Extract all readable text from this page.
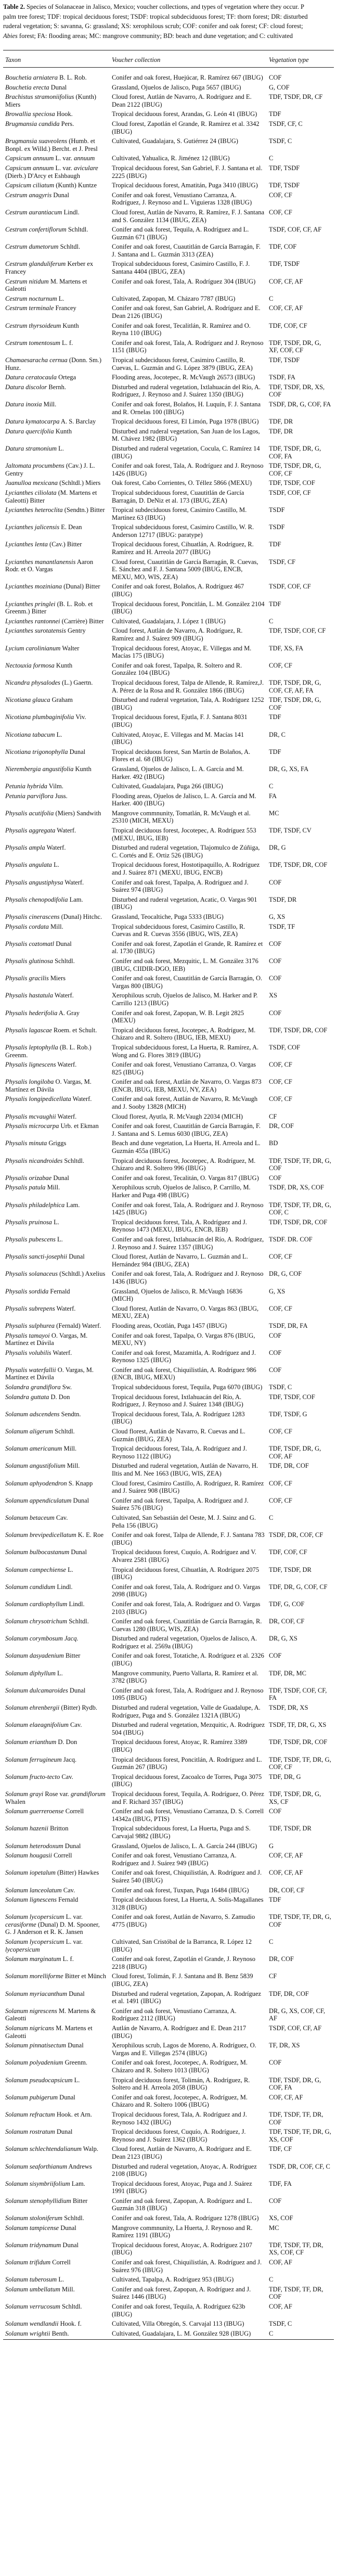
Table 2. Species of Solanaceae in Jalisco, Mexico; voucher collections, and types of vegetation where they occur. P
palm tree forest; TDF: tropical deciduous forest; TSDF: tropical subdeciduous forest; TF: thorn forest; DR: disturbed
ruderal vegetation; S: savanna, G: grassland; XS: xerophilous scrub; COF: conifer and oak forest; CF: cloud forest;
Abies forest; FA: flooding areas; MC: mangrove community; BD: beach and dune vegetation; and C: cultivated
Taxon	Voucher collection	Vegetation type
Bouchetia arniatera B. L. Rob.	Conifer and oak forest, Huejúcar, R. Ramírez 667 (IBUG)	COF
Bouchetia erecta Dunal	Grassland, Ojuelos de Jalisco, Puga 5657 (IBUG)	G, COF
Brachistus stramoniifolius (Kunth) Miers	Cloud forest, Autlán de Navarro, A. Rodríguez and E. Dean 2122 (IBUG)	TDF, TSDF, DR, CF
Browallia speciosa Hook.	Tropical deciduous forest, Arandas, G. León 41 (IBUG)	TDF
Brugmansia candida Pers.	Cloud forest, Zapotlán el Grande, R. Ramírez et al. 3342 (IBUG)	TSDF, CF, C
Brugmansia suaveolens (Humb. et Bonpl. ex Willd.) Bercht. et J. Presl	Cultivated, Guadalajara, S. Gutiérrez 24 (IBUG)	TSDF, C
Capsicum annuum L. var. annuum	Cultivated, Yahualica, R. Jiménez 12 (IBUG)	C
Capsicum annuum L. var. aviculare (Dierb.) D'Arcy et Eshbaugh	Tropical deciduous forest, San Gabriel, F. J. Santana et al. 2225 (IBUG)	TDF, TSDF
Capsicum ciliatum (Kunth) Kuntze	Tropical deciduous forest, Amatitán, Puga 3410 (IBUG)	TDF, TSDF
Cestrum anagyris Dunal	Conifer and oak forest, Venustiano Carranza, A. Rodríguez, J. Reynoso and L. Viguieras 1328 (IBUG)	COF, CF
Cestrum aurantiacum Lindl.	Cloud forest, Autlán de Navarro, R. Ramírez, F. J. Santana and S. González 1134 (IBUG, ZEA)	COF, CF
Cestrum confertiflorum Schltdl.	Conifer and oak forest, Tequila, A. Rodríguez and L. Guzmán 671 (IBUG)	TSDF, COF, CF, AF
Cestrum dumetorum Schltdl.	Conifer and oak forest, Cuautitlán de García Barragán, F. J. Santana and L. Guzmán 3313 (ZEA)	TDF, COF
Cestrum glanduliferum Kerber ex Francey	Tropical subdeciduous forest, Casimiro Castillo, F. J. Santana 4404 (IBUG, ZEA)	TDF, TSDF
Cestrum nitidum M. Martens et Galeotti	Conifer and oak forest, Tala, A. Rodríguez 304 (IBUG)	COF, CF, AF
Cestrum nocturnum L.	Cultivated, Zapopan, M. Cházaro 7787 (IBUG)	C
Cestrum terminale Francey	Conifer and oak forest, San Gabriel, A. Rodríguez and E. Dean 2126 (IBUG)	COF, CF, AF
Cestrum thyrsoideum Kunth	Conifer and oak forest, Tecalitlán, R. Ramírez and O. Reyna 110 (IBUG)	TDF, COF, CF
Cestrum tomentosum L. f.	Conifer and oak forest, Tala, A. Rodríguez and J. Reynoso 1151 (IBUG)	TDF, TSDF, DR, G, XF, COF, CF
Chamaesaracha cernua (Donn. Sm.) Hunz.	Tropical subdeciduous forest, Casimiro Castillo, R. Cuevas, L. Guzmán and G. López 3879 (IBUG, ZEA)	TDF, TSDF
Datura ceratocaula Ortega	Flooding areas, Jocotepec, R. McVaugh 26573 (IBUG)	TSDF, FA
Datura discolor Bernh.	Disturbed and ruderal vegetation, Ixtlahuacán del Río, A. Rodríguez, J. Reynoso and J. Suárez 1350 (IBUG)	TDF, TSDF, DR, XS, COF
Datura inoxia Mill.	Conifer and oak forest, Bolaños, H. Luquín, F. J. Santana and R. Ornelas 100 (IBUG)	TSDF, DR, G, COF, FA
Datura kymatocarpa A. S. Barclay	Tropical deciduous forest, El Limón, Puga 1978 (IBUG)	TDF, DR
Datura quercifolia Kunth	Disturbed and ruderal vegetation, San Juan de los Lagos, M. Chávez 1982 (IBUG)	TDF, DR
Datura stramonium L.	Disturbed and ruderal vegetation, Cocula, C. Ramírez 14 (IBUG)	TDF, TSDF, DR, G, COF, FA
Jaltomata procumbens (Cav.) J. L. Gentry	Conifer and oak forest, Tala, A. Rodríguez and J. Reynoso 1426 (IBUG)	TDF, TSDF, DR, G, COF, CF
Juanulloa mexicana (Schltdl.) Miers	Oak forest, Cabo Corrientes, O. Téllez 5866 (MEXU)	TDF, TSDF, COF
Lycianthes ciliolata (M. Martens et Galeotti) Bitter	Tropical subdeciduous forest, Cuautitlán de García Barragán, D. DeNiz et al. 173 (IBUG, ZEA)	TSDF, COF, CF
Lycianthes heteroclita (Sendtn.) Bitter	Tropical subdeciduous forest, Casimiro Castillo, M. Martínez 63 (IBUG)	TSDF
Lycianthes jalicensis E. Dean	Tropical subdeciduous forest, Casimiro Castillo, W. R. Anderson 12717 (IBUG: paratype)	TSDF
Lycianthes lenta (Cav.) Bitter	Tropical deciduous forest, Cihuatlán, A. Rodríguez, R. Ramírez and H. Arreola 2077 (IBUG)	TDF
Lycianthes manantlanensis Aaron Rodr. et O. Vargas	Cloud forest, Cuautitlán de García Barragán, R. Cuevas, E. Sánchez and F. J. Santana 5009 (IBUG, ENCB, MEXU, MO, WIS, ZEA)	TSDF, CF
Lycianthes moziniana (Dunal) Bitter	Conifer and oak forest, Bolaños, A. Rodríguez 467 (IBUG)	TSDF, COF, CF
Lycianthes pringlei (B. L. Rob. et Greenm.) Bitter	Tropical deciduous forest, Poncitlán, L. M. González 2104 (IBUG)	TDF
Lycianthes rantonnei (Carrière) Bitter	Cultivated, Guadalajara, J. López 1 (IBUG)	C
Lycianthes surotatensis Gentry	Cloud forest, Autlán de Navarro, A. Rodríguez, R. Ramírez and J. Suárez 909 (IBUG)	TDF, TSDF, COF, CF
Lycium carolinianum Walter	Tropical deciduous forest, Atoyac, E. Villegas and M. Macías 175 (IBUG)	TDF, XS, FA
Nectouxia formosa Kunth	Conifer and oak forest, Tapalpa, R. Soltero and R. González 104 (IBUG)	COF, CF
Nicandra physalodes (L.) Gaertn.	Tropical deciduous forest, Talpa de Allende, R. Ramírez,J. A. Pérez de la Rosa and R. González 1866 (IBUG)	TDF, TSDF, DR, G, COF, CF, AF, FA
Nicotiana glauca Graham	Disturbed and ruderal vegetation, Tala, A. Rodríguez 1252 (IBUG)	TDF, TSDF, DR, G, COF
Nicotiana plumbaginifolia Viv.	Tropical deciduous forest, Ejutla, F. J. Santana 8031 (IBUG)	TDF
Nicotiana tabacum L.	Cultivated, Atoyac, E. Villegas and M. Macías 141 (IBUG)	DR, C
Nicotiana trigonophylla Dunal	Tropical deciduous forest, San Martín de Bolaños, A. Flores et al. 68 (IBUG)	TDF
Nierembergia angustifolia Kunth	Grassland, Ojuelos de Jalisco, L. A. García and M. Harker. 492 (IBUG)	DR, G, XS, FA
Petunia hybrida Vilm.	Cultivated, Guadalajara, Puga 266 (IBUG)	C
Petunia parviflora Juss.	Flooding areas, Ojuelos de Jalisco, L. A. García and M. Harker. 400 (IBUG)	FA
Physalis acutifolia (Miers) Sandwith	Mangrove commnunity, Tomatlán, R. McVaugh et al. 25310 (MICH, MEXU)	MC
Physalis aggregata Waterf.	Tropical deciduous forest, Jocotepec, A. Rodríguez 553 (MEXU, IBUG, IEB)	TDF, TSDF, CV
Physalis ampla Waterf.	Disturbed and ruderal vegetation, Tlajomulco de Zúñiga, C. Cortés and E. Ortiz 526 (IBUG)	DR, G
Physalis angulata L.	Tropical deciduous forest, Hostotipaquillo, A. Rodríguez and J. Suárez 871 (MEXU, IBUG, ENCB)	TDF, TSDF, DR, COF
Physalis angustiphysa Waterf.	Conifer and oak forest, Tapalpa, A. Rodríguez and J. Suárez 974 (IBUG)	COF
Physalis chenopodifolia Lam.	Disturbed and ruderal vegetation, Acatic, O. Vargas 901 (IBUG)	TSDF, DR
Physalis cinerascens (Dunal) Hitchc.	Grassland, Teocaltiche, Puga 5333 (IBUG)	G, XS
Physalis cordata Mill.	Tropical subdeciduous forest, Casimiro Castillo, R. Cuevas and R. Cuevas 3556 (IBUG, WIS, ZEA)	TSDF, TF
Physalis coztomatl Dunal	Conifer and oak forest, Zapotlán el Grande, R. Ramírez et al. 1730 (IBUG)	COF
Physalis glutinosa Schltdl.	Conifer and oak forest, Mezquitic, L. M. González 3176 (IBUG, CIIDIR-DGO, IEB)	COF
Physalis gracilis Miers	Conifer and oak forest, Cuautitlán de García Barragán, O. Vargas 800 (IBUG)	COF
Physalis hastatula Waterf.	Xerophilous scrub, Ojuelos de Jalisco, M. Harker and P. Carrillo 1213 (IBUG)	XS
Physalis hederifolia A. Gray	Conifer and oak forest, Zapopan, W. B. Legit 2825 (MEXU)	COF
Physalis lagascae Roem. et Schult.	Tropical deciduous forest, Jocotepec, A. Rodríguez, M. Cházaro and R. Soltero (IBUG, IEB, MEXU)	TDF, TSDF, DR, COF
Physalis leptophylla (B. L. Rob.) Greenm.	Tropical subdeciduous forest, La Huerta, R. Ramírez, A. Wong and G. Flores 3819 (IBUG)	TSDF, COF
Physalis lignescens Waterf.	Conifer and oak forest, Venustiano Carranza, O. Vargas 825 (IBUG)	COF, CF
Physalis longiloba O. Vargas, M. Martínez et Dávila	Conifer and oak forest, Autlán de Navarro, O. Vargas 873 (ENCB, IBUG, IEB, MEXU, NY, ZEA)	COF, CF
Physalis longipedicellata Waterf.	Conifer and oak forest, Autlán de Navarro, R. McVaugh and J. Sooby 13828 (MICH)	COF, CF
Physalis mcvaughii Waterf.	Cloud florest, Ayutla, R. McVaugh 22034 (MICH)	CF
Physalis microcarpa Urb. et Ekman	Conifer and oak forest, Cuautitlán de García Barragán, F. J. Santana and S. Lemus 6030 (IBUG, ZEA)	DR, COF
Physalis minuta Griggs	Beach and dune vegetation, La Huerta, H. Arreola and L. Guzmán 455a (IBUG)	BD
Physalis nicandroides Schltdl.	Tropical deciduous forest, Jocotepec, A. Rodríguez, M. Cházaro and R. Soltero 996 (IBUG)	TDF, TSDF, TF, DR, G, COF
Physalis orizabae Dunal	Conifer and oak forest, Tecalitán, O. Vargas 817 (IBUG)	COF
Physalis patula Mill.	Xerophilous scrub, Ojuelos de Jalisco, P. Carrillo, M. Harker and Puga 498 (IBUG)	TSDF, DR, XS, COF
Physalis philadelphica Lam.	Conifer and oak forest, Tala, A. Rodríguez and J. Reynoso 1425 (IBUG)	TDF, TSDF, TF, DR, G, COF, C
Physalis pruinosa L.	Tropical deciduous forest, Tala, A. Rodríguez and J. Reynoso 1473 (MEXU, IBUG, ENCB, IEB)	TDF, TSDF, DR, COF
Physalis pubescens L.	Conifer and oak forest, Ixtlahuacán del Río, A. Rodríguez, J. Reynoso and J. Suárez 1357 (IBUG)	TSDF. DR. COF
Physalis sancti-josephii Dunal	Cloud florest, Autlán de Navarro, L. Guzmán and L. Hernández 984 (IBUG, ZEA)	COF, CF
Physalis solanaceus (Schltdl.) Axelius	Conifer and oak forest, Tala, A. Rodríguez and J. Reynoso 1436 (IBUG)	DR, G, COF
Physalis sordida Fernald	Grassland, Ojuelos de Jalisco, R. McVaugh 16836 (MICH)	G, XS
Physalis subrepens Waterf.	Cloud florest, Autlán de Navarro, O. Vargas 863 (IBUG, MEXU, ZEA)	COF, CF
Physalis sulphurea (Fernald) Waterf.	Flooding areas, Ocotlán, Puga 1457 (IBUG)	TSDF, DR, FA
Physalis tamayoi O. Vargas, M. Martínez et Dávila	Conifer and oak forest, Tapalpa, O. Vargas 876 (IBUG, MEXU, NY)	COF
Physalis volubilis Waterf.	Conifer and oak forest, Mazamitla, A. Rodríguez and J. Reynoso 1325 (IBUG)	COF
Physalis waterfallii O. Vargas, M. Martínez et Dávila	Conifer and oak forest, Chiquilistlán, A. Rodríguez 986 (ENCB, IBUG, MEXU)	COF
Solandra grandiflora Sw.	Tropical subdeciduous forest, Tequila, Puga 6070 (IBUG)	TSDF, C
Solandra guttata D. Don	Tropical deciduous forest, Ixtlahuacán del Río, A. Rodríguez, J. Reynoso and J. Suárez 1348 (IBUG)	TDF, TSDF, COF
Solanum adscendens Sendtn.	Tropical deciduous forest, Tala, A. Rodríguez 1283 (IBUG)	TDF, TSDF, G
Solanum aligerum Schltdl.	Cloud florest, Autlán de Navarro, R. Cuevas and L. Guzmán (IBUG, ZEA)	COF, CF
Solanum americanum Mill.	Tropical deciduous forest, Tala, A. Rodríguez and J. Reynoso 1122 (IBUG)	TDF, TSDF, DR, G, COF, AF
Solanum angustifolium Mill.	Disturbed and ruderal vegetation, Autlán de Navarro, H. Iltis and M. Nee 1663 (IBUG, WIS, ZEA)	TDF, DR, COF
Solanum aphyodendron S. Knapp	Cloud forest, Casimiro Castillo, A. Rodríguez, R. Ramírez and J. Suárez 908 (IBUG)	COF, CF
Solanum appendiculatum Dunal	Conifer and oak forest, Tapalpa, A. Rodríguez and J. Suárez 576 (IBUG)	COF, CF
Solanum betaceum Cav.	Cultivated, San Sebastián del Oeste, M. J. Sainz and G. Peña 156 (IBUG)	C
Solanum brevipedicellatum K. E. Roe	Conifer and oak forest, Talpa de Allende, F. J. Santana 783 (IBUG)	TSDF, DR, COF, CF
Solanum bulbocastanum Dunal	Tropical deciduous forest, Cuquío, A. Rodríguez and V. Alvarez 2581 (IBUG)	TDF, COF, CF
Solanum campechiense L.	Tropical deciduous forest, Cihuatlán, A. Rodríguez 2075 (IBUG)	TDF, TSDF, DR
Solanum candidum Lindl.	Conifer and oak forest, Tala, A. Rodríguez and O. Vargas 2098 (IBUG)	TDF, DR, G, COF, CF
Solanum cardiophyllum Lindl.	Conifer and oak forest, Tala, A. Rodríguez and O. Vargas 2103 (IBUG)	TDF, G, COF
Solanum chrysotrichum Schltdl.	Conifer and oak forest, Cuautitlán de García Barragán, R. Cuevas 1280 (IBUG, WIS, ZEA)	DR, COF, CF
Solanum corymbosum Jacq.	Disturbed and ruderal vegetation, Ojuelos de Jalisco, A. Rodríguez et al. 2569a (IBUG)	DR, G, XS
Solanum dasyadenium Bitter	Conifer and oak forest, Totatiche, A. Rodríguez et al. 2326 (IBUG)	COF
Solanum diphyllum L.	Mangrove community, Puerto Vallarta, R. Ramírez et al. 3782 (IBUG)	TDF, DR, MC
Solanum dulcamaroides Dunal	Conifer and oak forest, Tala, A. Rodríguez and J. Reynoso 1095 (IBUG)	TDF, TSDF, COF, CF, FA
Solanum ehrenbergii (Bitter) Rydb.	Disturbed and ruderal vegetation, Valle de Guadalupe, A. Rodríguez, Puga and S. González 1321A (IBUG)	TSDF, DR, XS
Solanum elaeagnifolium Cav.	Disturbed and ruderal vegetation, Mezquitic, A. Rodríguez 504 (IBUG)	TSDF, TF, DR, G, XS
Solanum erianthum D. Don	Tropical deciduous forest, Atoyac, R. Ramírez 3389 (IBUG)	TDF, TSDF, DR, COF
Solanum ferrugineum Jacq.	Tropical deciduous forest, Poncitlán, A. Rodríguez and L. Guzmán 267 (IBUG)	TDF, TSDF, TF, DR, G, COF, CF
Solanum fructo-tecto Cav.	Tropical deciduous forest, Zacoalco de Torres, Puga 3075 (IBUG)	TDF, DR, G
Solanum grayi Rose var. grandiflorum Whalen	Tropical deciduous forest, Tequila, A. Rodríguez, O. Pérez and F. Richard 357 (IBUG)	TDF, TSDF, DR, G, XS, CF
Solanum guerreroense Correll	Conifer and oak forest, Venustiano Carranza, D. S. Correll 14342a (IBUG, PTIS)	COF
Solanum hazenii Britton	Tropical subdeciduous forest, La Huerta, Puga and S. Carvajal 9882 (IBUG)	TDF, TSDF, DR
Solanum heterodoxum Dunal	Grassland, Ojuelos de Jalisco, L. A. García 244 (IBUG)	G
Solanum hougasii Correll	Conifer and oak forest, Venustiano Carranza, A. Rodríguez and J. Suárez 949 (IBUG)	COF, CF, AF
Solanum iopetalum (Bitter) Hawkes	Conifer and oak forest, Chiquilistlán, A. Rodríguez and J. Suárez 540 (IBUG)	COF, CF, AF
Solanum lanceolatum Cav.	Conifer and oak forest, Tuxpan, Puga 16484 (IBUG)	DR, COF, CF
Solanum lignescens Fernald	Tropical deciduous forest, La Huerta, A. Solís-Magallanes 3128 (IBUG)	TDF
Solanum lycopersicum L. var. cerasiforme (Dunal) D. M. Spooner, G. J Anderson et R. K. Jansen	Conifer and oak forest, Autlán de Navarro, S. Zamudio 4775 (IBUG)	TDF, TSDF, TF, DR, G, COF
Solanum lycopersicum L. var. lycopersicum	Cultivated, San Cristóbal de la Barranca, R. López 12 (IBUG)	C
Solanum marginatum L. f.	Conifer and oak forest, Zapotlán el Grande, J. Reynoso 2218 (IBUG)	DR, COF
Solanum morelliforme Bitter et Münch	Cloud forest, Tolimán, F. J. Santana and B. Benz 5839 (IBUG, ZEA)	CF
Solanum myriacanthum Dunal	Disturbed and ruderal vegetation, Zapopan, A. Rodríguez et al. 1491 (IBUG)	TDF, DR, COF
Solanum nigrescens M. Martens & Galeotti	Conifer and oak forest, Venustiano Carranza, A. Rodríguez 2112 (IBUG)	DR, G, XS, COF, CF, AF
Solanum nigricans M. Martens et Galeotti	Autlán de Navarro, A. Rodríguez and E. Dean 2117 (IBUG)	TSDF, COF, CF, AF
Solanum pinnatisectum Dunal	Xerophilous scrub, Lagos de Moreno, A. Rodríguez, O. Vargas and E. Villegas 2574 (IBUG)	TF, DR, XS
Solanum polyadenium Greenm.	Conifer and oak forest, Jocotepec, A. Rodríguez, M. Cházaro and R. Soltero 1013 (IBUG)	COF
Solanum pseudocapsicum L.	Tropical deciduous forest, Tolimán, A. Rodríguez, R. Soltero and H. Arreola 2058 (IBUG)	TDF, TSDF, DR, G, COF, FA
Solanum pubigerum Dunal	Conifer and oak forest, Jocotepec, A. Rodríguez, M. Cházaro and R. Soltero 1006 (IBUG)	COF, CF, AF
Solanum refractum Hook. et Arn.	Tropical deciduous forest, Tala, A. Rodríguez and J. Reynoso 1432 (IBUG)	TDF, TSDF, TF, DR, COF
Solanum rostratum Dunal	Tropical deciduous forest, Cuquío, A. Rodríguez, J. Reynoso and J. Suárez 1362 (IBUG)	TDF, TSDF, TF, DR, G, XS, COF
Solanum schlechtendalianum Walp.	Cloud forest, Autlán de Navarro, A. Rodríguez and E. Dean 2123 (IBUG)	TDF, CF
Solanum seaforthianum Andrews	Disturbed and ruderal vegetation, Atoyac, A. Rodríguez 2108 (IBUG)	TSDF, DR, COF, CF, C
Solanum sisymbriifolium Lam.	Tropical deciduous forest, Atoyac, Puga and J. Suárez 1991 (IBUG)	TDF, FA
Solanum stenophyllidium Bitter	Conifer and oak forest, Zapopan, A. Rodríguez and L. Guzmán 318 (IBUG)	COF
Solanum stoloniferum Schltdl.	Conifer and oak forest, Tala, A. Rodríguez 1278 (IBUG)	XS, COF
Solanum tampicense Dunal	Mangrove commnunity, La Huerta, J. Reynoso and R. Ramírez 1191 (IBUG)	MC
Solanum tridynamum Dunal	Tropical deciduous forest, Atoyac, A. Rodríguez 2107 (IBUG)	TDF, TSDF, TF, DR, XS, COF, CF
Solanum trifidum Correll	Conifer and oak forest, Chiquilistlán, A. Rodríguez and J. Suárez 976 (IBUG)	COF, AF
Solanum tuberosum L.	Cultivated, Tapalpa, A. Rodríguez 953 (IBUG)	C
Solanum umbellatum Mill.	Conifer and oak forest, Zapopan, A. Rodríguez and J. Suárez 1446 (IBUG)	TDF, TSDF, TF, DR, COF
Solanum verrucosum Schltdl.	Conifer and oak forest, Tequila, A. Rodríguez 623b (IBUG)	COF, AF
Solanum wendlandii Hook. f.	Cultivated, Villa Obregón, S. Carvajal 113 (IBUG)	TSDF, C
Solanum wrightii Benth.	Cultivated, Guadalajara, L. M. González 928 (IBUG)	C
